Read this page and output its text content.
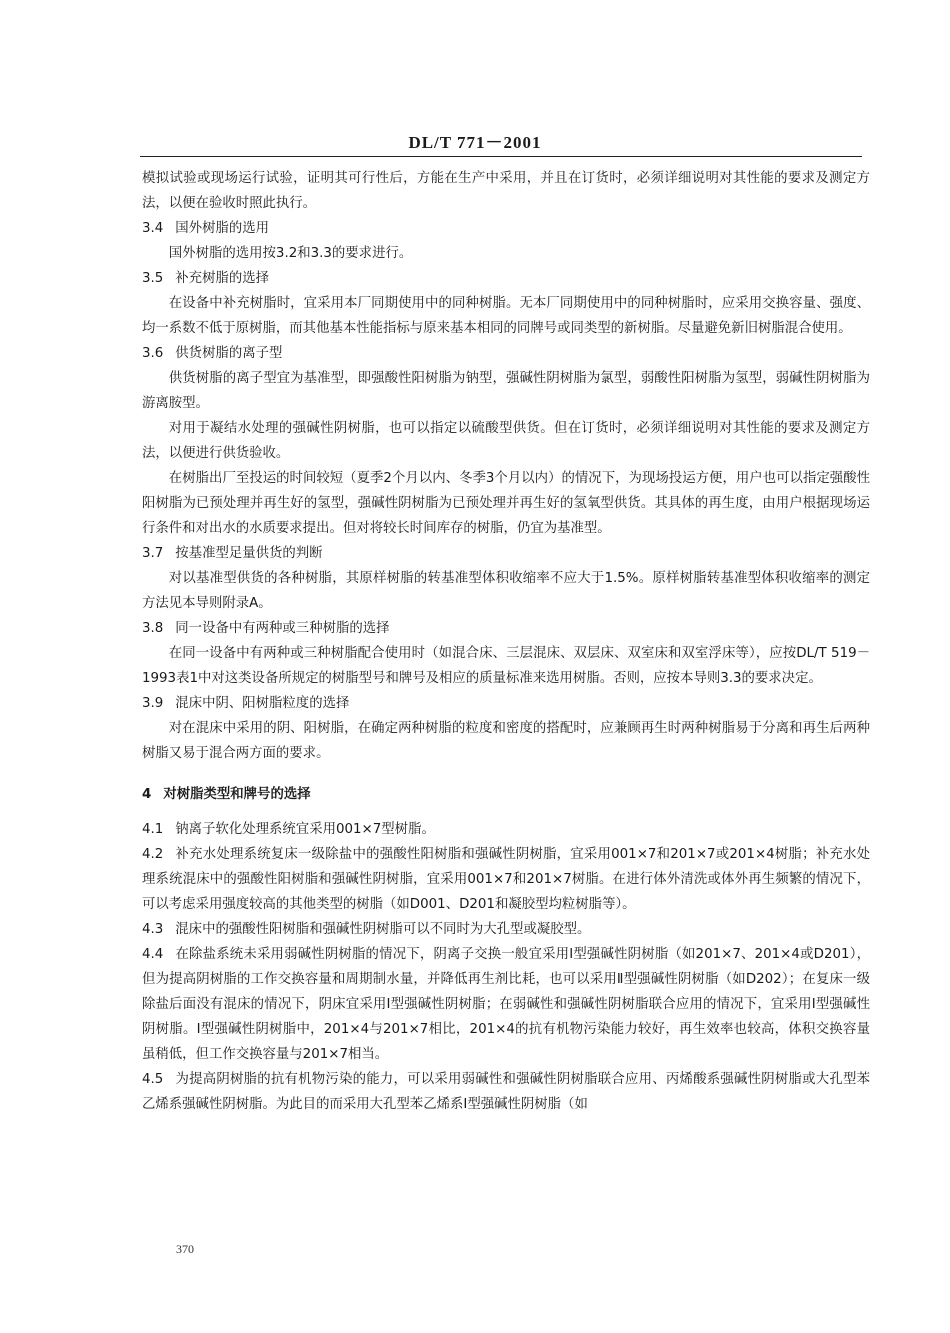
DL/T 771－2001

模拟试验或现场运行试验，证明其可行性后，方能在生产中采用，并且在订货时，必须详细说明对其性能的要求及测定方法，以便在验收时照此执行。

3.4 国外树脂的选用

国外树脂的选用按3.2和3.3的要求进行。

3.5 补充树脂的选择

在设备中补充树脂时，宜采用本厂同期使用中的同种树脂。无本厂同期使用中的同种树脂时，应采用交换容量、强度、均一系数不低于原树脂，而其他基本性能指标与原来基本相同的同牌号或同类型的新树脂。尽量避免新旧树脂混合使用。

3.6 供货树脂的离子型

供货树脂的离子型宜为基准型，即强酸性阳树脂为钠型，强碱性阴树脂为氯型，弱酸性阳树脂为氢型，弱碱性阴树脂为游离胺型。

对用于凝结水处理的强碱性阴树脂，也可以指定以硫酸型供货。但在订货时，必须详细说明对其性能的要求及测定方法，以便进行供货验收。

在树脂出厂至投运的时间较短（夏季2个月以内、冬季3个月以内）的情况下，为现场投运方便，用户也可以指定强酸性阳树脂为已预处理并再生好的氢型，强碱性阴树脂为已预处理并再生好的氢氧型供货。其具体的再生度，由用户根据现场运行条件和对出水的水质要求提出。但对将较长时间库存的树脂，仍宜为基准型。

3.7 按基准型足量供货的判断

对以基准型供货的各种树脂，其原样树脂的转基准型体积收缩率不应大于1.5%。原样树脂转基准型体积收缩率的测定方法见本导则附录A。

3.8 同一设备中有两种或三种树脂的选择

在同一设备中有两种或三种树脂配合使用时（如混合床、三层混床、双层床、双室床和双室浮床等），应按DL/T 519－1993表1中对这类设备所规定的树脂型号和牌号及相应的质量标准来选用树脂。否则，应按本导则3.3的要求决定。

3.9 混床中阴、阳树脂粒度的选择

对在混床中采用的阴、阳树脂，在确定两种树脂的粒度和密度的搭配时，应兼顾再生时两种树脂易于分离和再生后两种树脂又易于混合两方面的要求。

4 对树脂类型和牌号的选择

4.1 钠离子软化处理系统宜采用001×7型树脂。

4.2 补充水处理系统复床一级除盐中的强酸性阳树脂和强碱性阴树脂，宜采用001×7和201×7或201×4树脂；补充水处理系统混床中的强酸性阳树脂和强碱性阴树脂，宜采用001×7和201×7树脂。在进行体外清洗或体外再生频繁的情况下，可以考虑采用强度较高的其他类型的树脂（如D001、D201和凝胶型均粒树脂等）。

4.3 混床中的强酸性阳树脂和强碱性阴树脂可以不同时为大孔型或凝胶型。

4.4 在除盐系统未采用弱碱性阴树脂的情况下，阴离子交换一般宜采用Ⅰ型强碱性阴树脂（如201×7、201×4或D201），但为提高阴树脂的工作交换容量和周期制水量，并降低再生剂比耗，也可以采用Ⅱ型强碱性阴树脂（如D202）；在复床一级除盐后面没有混床的情况下，阴床宜采用Ⅰ型强碱性阴树脂；在弱碱性和强碱性阴树脂联合应用的情况下，宜采用Ⅰ型强碱性阴树脂。Ⅰ型强碱性阴树脂中，201×4与201×7相比，201×4的抗有机物污染能力较好，再生效率也较高，体积交换容量虽稍低，但工作交换容量与201×7相当。

4.5 为提高阴树脂的抗有机物污染的能力，可以采用弱碱性和强碱性阴树脂联合应用、丙烯酸系强碱性阴树脂或大孔型苯乙烯系强碱性阴树脂。为此目的而采用大孔型苯乙烯系Ⅰ型强碱性阴树脂（如

370
